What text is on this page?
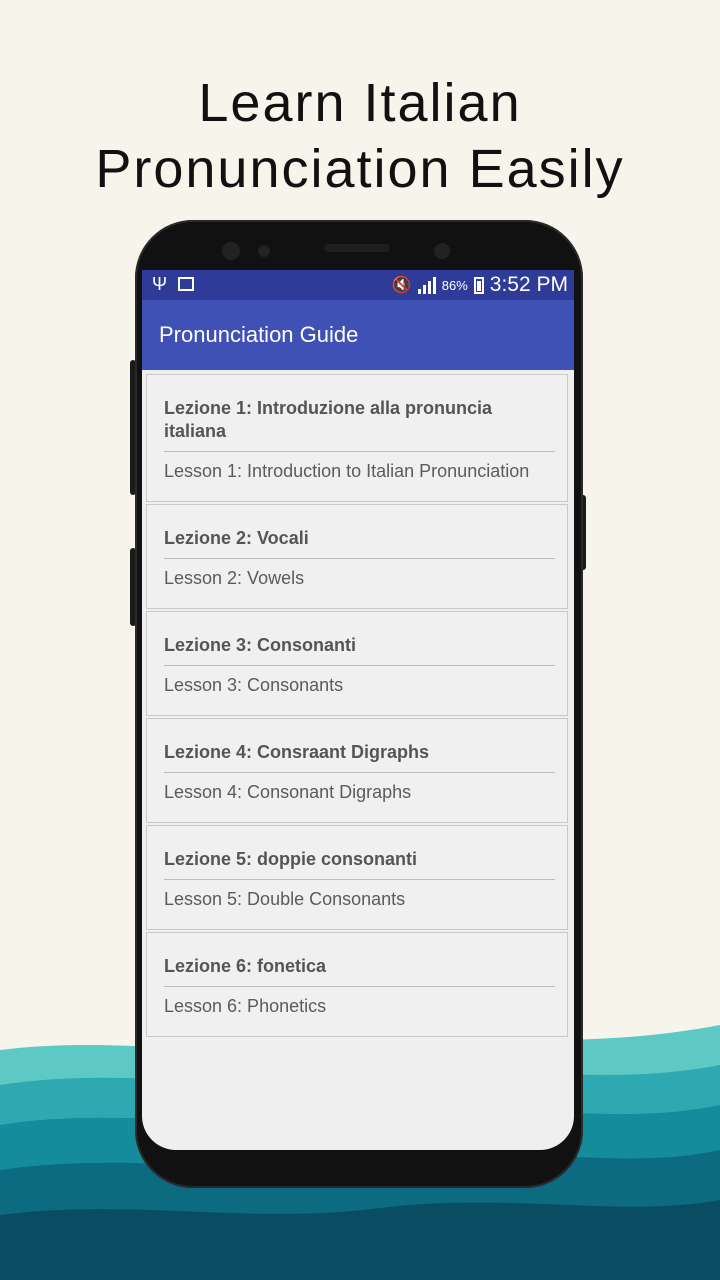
Learn Italian
Pronunciation Easily
Ψ	🔇 86% 3:52 PM
Pronunciation Guide
Lezione 1: Introduzione alla pronuncia italiana
Lesson 1: Introduction to Italian Pronunciation
Lezione 2: Vocali
Lesson 2: Vowels
Lezione 3: Consonanti
Lesson 3: Consonants
Lezione 4: Consraant Digraphs
Lesson 4: Consonant Digraphs
Lezione 5: doppie consonanti
Lesson 5: Double Consonants
Lezione 6: fonetica
Lesson 6: Phonetics
